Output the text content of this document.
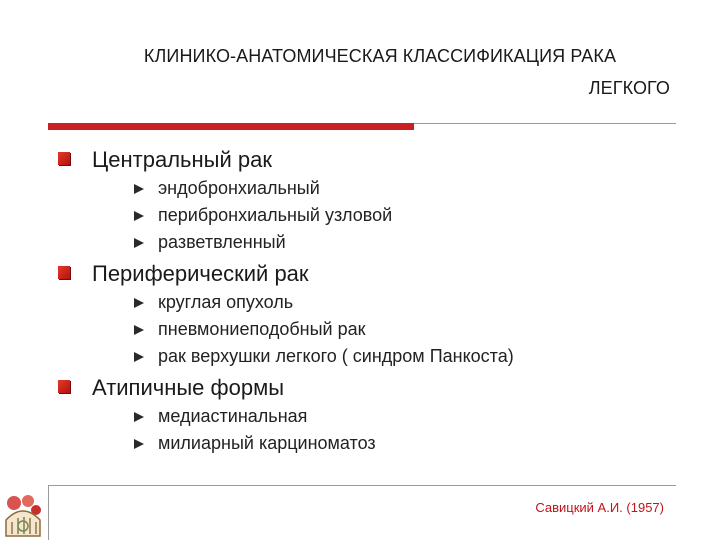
КЛИНИКО-АНАТОМИЧЕСКАЯ КЛАССИФИКАЦИЯ РАКА
ЛЕГКОГО
Центральный рак
эндобронхиальный
перибронхиальный узловой
разветвленный
Периферический рак
круглая опухоль
пневмониеподобный рак
рак верхушки легкого ( синдром Панкоста)
Атипичные формы
медиастинальная
милиарный карциноматоз
Савицкий А.И. (1957)
